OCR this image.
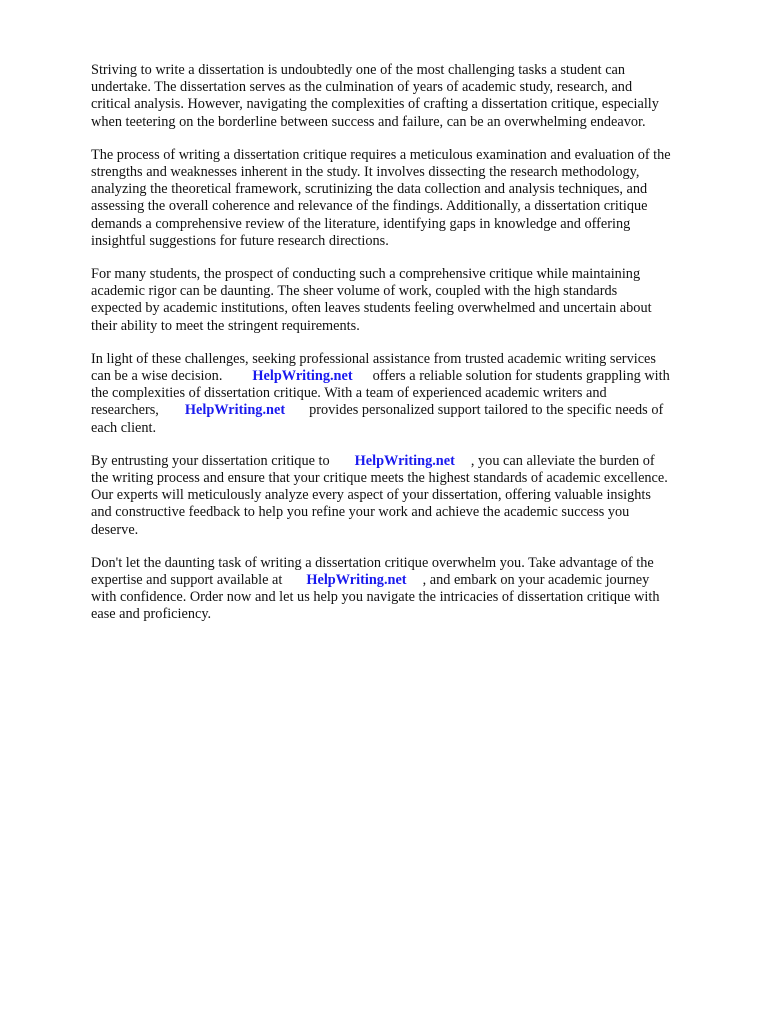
Striving to write a dissertation is undoubtedly one of the most challenging tasks a student can
undertake. The dissertation serves as the culmination of years of academic study, research, and
critical analysis. However, navigating the complexities of crafting a dissertation critique, especially
when teetering on the borderline between success and failure, can be an overwhelming endeavor.

The process of writing a dissertation critique requires a meticulous examination and evaluation of the
strengths and weaknesses inherent in the study. It involves dissecting the research methodology,
analyzing the theoretical framework, scrutinizing the data collection and analysis techniques, and
assessing the overall coherence and relevance of the findings. Additionally, a dissertation critique
demands a comprehensive review of the literature, identifying gaps in knowledge and offering
insightful suggestions for future research directions.

For many students, the prospect of conducting such a comprehensive critique while maintaining
academic rigor can be daunting. The sheer volume of work, coupled with the high standards
expected by academic institutions, often leaves students feeling overwhelmed and uncertain about
their ability to meet the stringent requirements.

In light of these challenges, seeking professional assistance from trusted academic writing services
can be a wise decision. HelpWriting.net offers a reliable solution for students grappling with
the complexities of dissertation critique. With a team of experienced academic writers and
researchers, HelpWriting.net provides personalized support tailored to the specific needs of
each client.

By entrusting your dissertation critique to HelpWriting.net , you can alleviate the burden of
the writing process and ensure that your critique meets the highest standards of academic excellence.
Our experts will meticulously analyze every aspect of your dissertation, offering valuable insights
and constructive feedback to help you refine your work and achieve the academic success you
deserve.

Don't let the daunting task of writing a dissertation critique overwhelm you. Take advantage of the
expertise and support available at HelpWriting.net , and embark on your academic journey
with confidence. Order now and let us help you navigate the intricacies of dissertation critique with
ease and proficiency.
